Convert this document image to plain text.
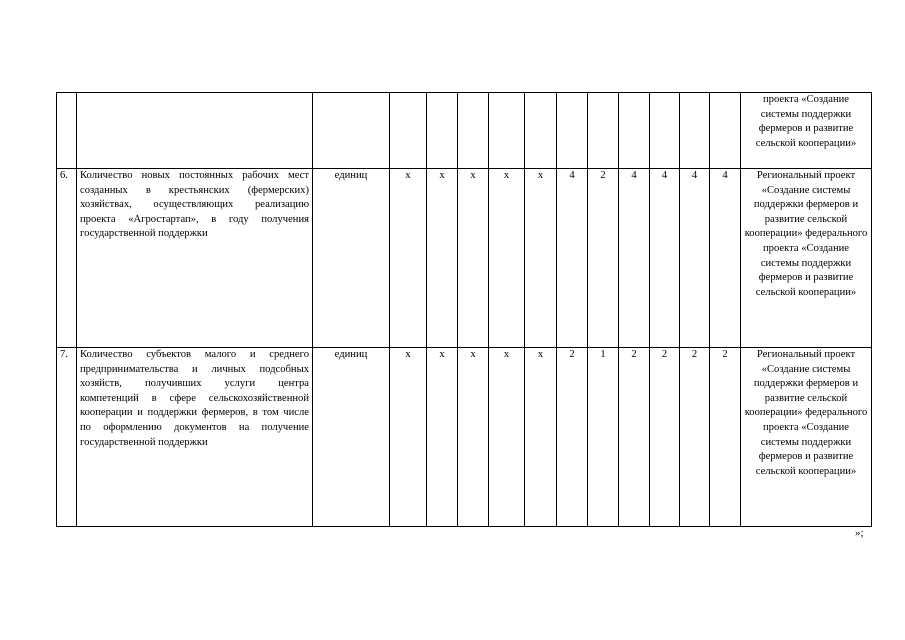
														проекта «Создание системы поддержки фермеров и развитие сельской кооперации»
6.	Количество новых постоянных рабочих мест созданных в крестьянских (фермерских) хозяйствах, осуществляющих реализацию проекта «Агростартап», в году получения государственной поддержки	единиц	х	х	х	х	х	4	2	4	4	4	4	Региональный проект «Создание системы поддержки фермеров и развитие сельской кооперации» федерального проекта «Создание системы поддержки фермеров и развитие сельской кооперации»
7.	Количество субъектов малого и среднего предпринимательства и личных подсобных хозяйств, получивших услуги центра компетенций в сфере сельскохозяйственной кооперации и поддержки фермеров, в том числе по оформлению документов на получение государственной поддержки	единиц	х	х	х	х	х	2	1	2	2	2	2	Региональный проект «Создание системы поддержки фермеров и развитие сельской кооперации» федерального проекта «Создание системы поддержки фермеров и развитие сельской кооперации»
»;
